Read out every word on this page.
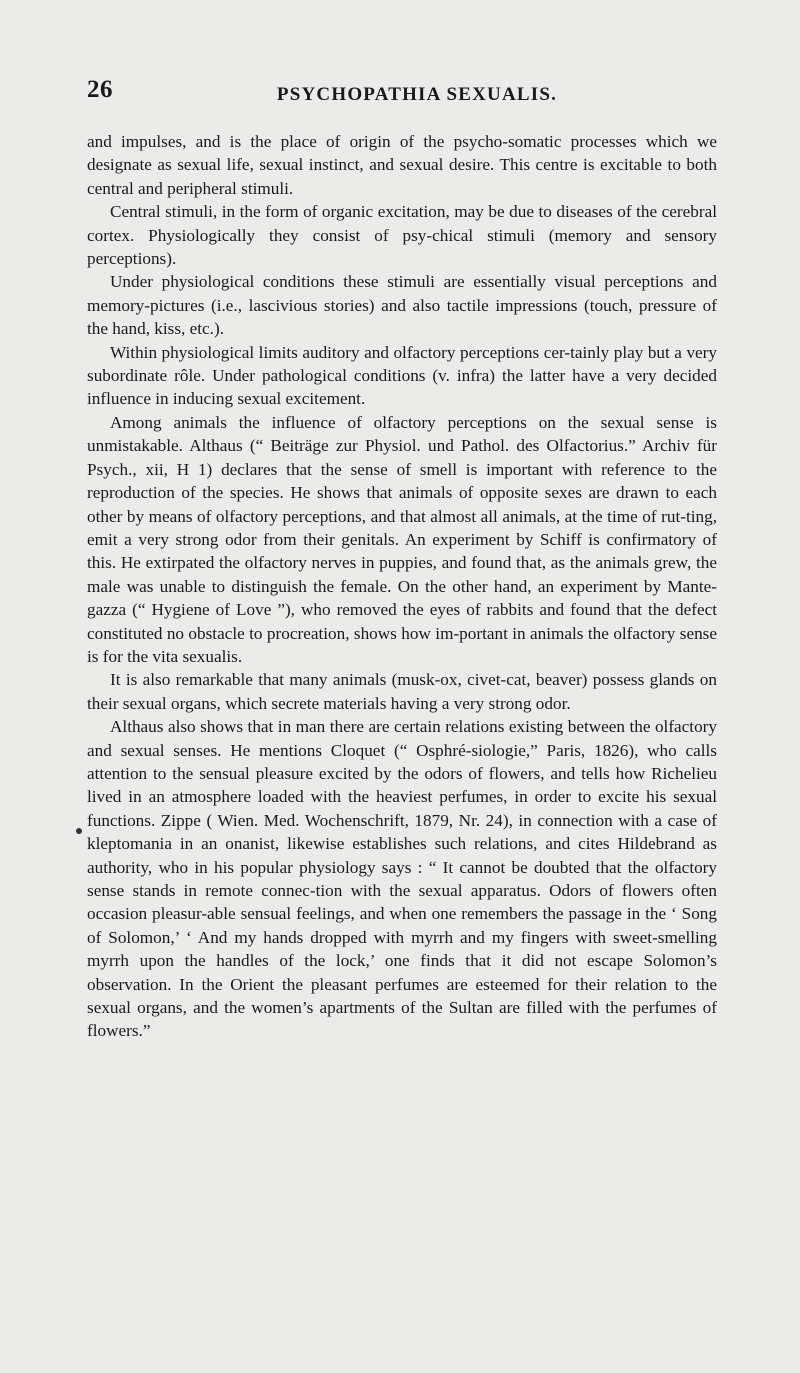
26	PSYCHOPATHIA SEXUALIS.

and impulses, and is the place of origin of the psycho-somatic processes which we designate as sexual life, sexual instinct, and sexual desire. This centre is excitable to both central and peripheral stimuli.

Central stimuli, in the form of organic excitation, may be due to diseases of the cerebral cortex. Physiologically they consist of psy-chical stimuli (memory and sensory perceptions).

Under physiological conditions these stimuli are essentially visual perceptions and memory-pictures (i.e., lascivious stories) and also tactile impressions (touch, pressure of the hand, kiss, etc.).

Within physiological limits auditory and olfactory perceptions cer-tainly play but a very subordinate rôle. Under pathological conditions (v. infra) the latter have a very decided influence in inducing sexual excitement.

Among animals the influence of olfactory perceptions on the sexual sense is unmistakable. Althaus (“ Beiträge zur Physiol. und Pathol. des Olfactorius.” Archiv für Psych., xii, H 1) declares that the sense of smell is important with reference to the reproduction of the species. He shows that animals of opposite sexes are drawn to each other by means of olfactory perceptions, and that almost all animals, at the time of rut-ting, emit a very strong odor from their genitals. An experiment by Schiff is confirmatory of this. He extirpated the olfactory nerves in puppies, and found that, as the animals grew, the male was unable to distinguish the female. On the other hand, an experiment by Mante-gazza (“ Hygiene of Love ”), who removed the eyes of rabbits and found that the defect constituted no obstacle to procreation, shows how im-portant in animals the olfactory sense is for the vita sexualis.

It is also remarkable that many animals (musk-ox, civet-cat, beaver) possess glands on their sexual organs, which secrete materials having a very strong odor.

Althaus also shows that in man there are certain relations existing between the olfactory and sexual senses. He mentions Cloquet (“ Osphré-siologie,” Paris, 1826), who calls attention to the sensual pleasure excited by the odors of flowers, and tells how Richelieu lived in an atmosphere loaded with the heaviest perfumes, in order to excite his sexual functions. Zippe ( Wien. Med. Wochenschrift, 1879, Nr. 24), in connection with a case of kleptomania in an onanist, likewise establishes such relations, and cites Hildebrand as authority, who in his popular physiology says : “ It cannot be doubted that the olfactory sense stands in remote connec-tion with the sexual apparatus. Odors of flowers often occasion pleasur-able sensual feelings, and when one remembers the passage in the ‘ Song of Solomon,’ ‘ And my hands dropped with myrrh and my fingers with sweet-smelling myrrh upon the handles of the lock,’ one finds that it did not escape Solomon’s observation. In the Orient the pleasant perfumes are esteemed for their relation to the sexual organs, and the women’s apartments of the Sultan are filled with the perfumes of flowers.”
